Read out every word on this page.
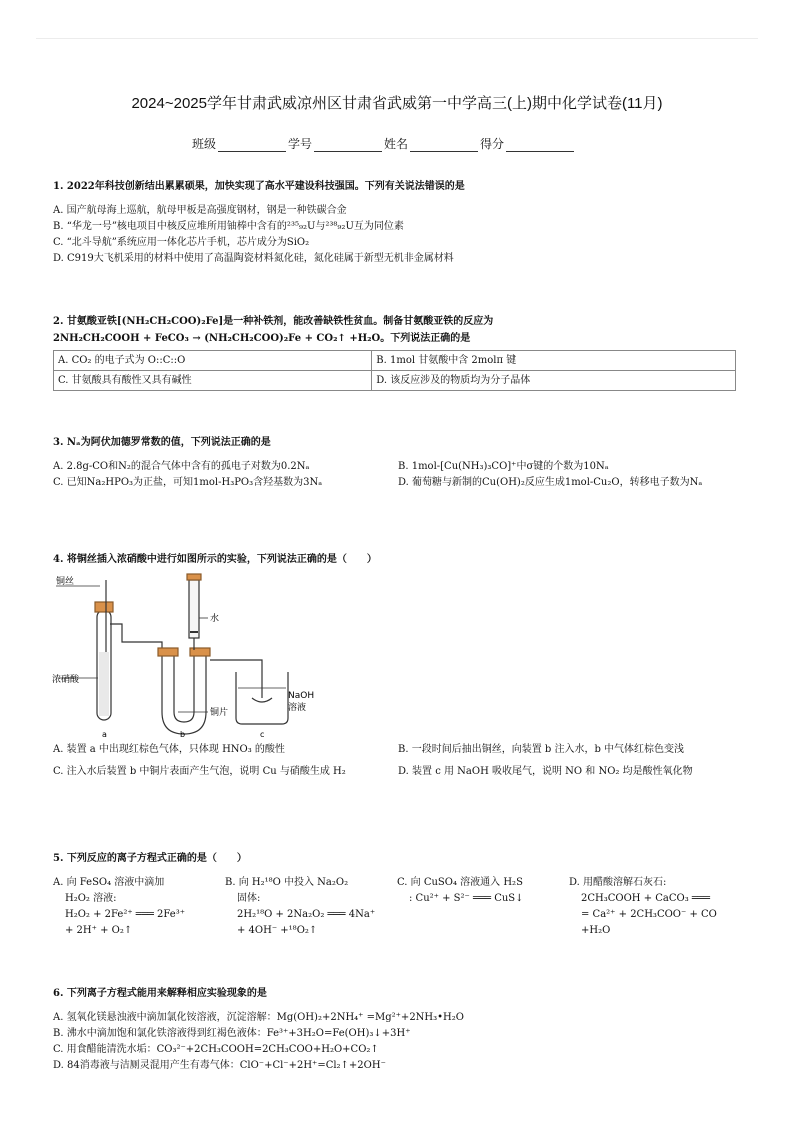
2024~2025学年甘肃武威凉州区甘肃省武威第一中学高三(上)期中化学试卷(11月)
班级	学号	姓名	得分
1. 2022年科技创新结出累累硕果，加快实现了高水平建设科技强国。下列有关说法错误的是
A. 国产航母海上巡航，航母甲板是高强度钢材，钢是一种铁碳合金
B. “华龙一号”核电项目中核反应堆所用铀棒中含有的²³⁵₉₂U与²³⁸₉₂U互为同位素
C. “北斗导航”系统应用一体化芯片手机，芯片成分为SiO₂
D. C919大飞机采用的材料中使用了高温陶瓷材料氮化硅，氮化硅属于新型无机非金属材料
2. 甘氨酸亚铁[(NH₂CH₂COO)₂Fe]是一种补铁剂，能改善缺铁性贫血。制备甘氨酸亚铁的反应为
2NH₂CH₂COOH + FeCO₃ → (NH₂CH₂COO)₂Fe + CO₂↑ +H₂O。下列说法正确的是
A. CO₂ 的电子式为 O::C::O	B. 1mol 甘氨酸中含 2molπ 键
C. 甘氨酸具有酸性又具有碱性	D. 该反应涉及的物质均为分子晶体
3. Nₐ为阿伏加德罗常数的值，下列说法正确的是
A. 2.8g-CO和N₂的混合气体中含有的孤电子对数为0.2Nₐ	B. 1mol-[Cu(NH₃)₃CO]⁺中σ键的个数为10Nₐ
C. 已知Na₂HPO₃为正盐，可知1mol-H₃PO₃含羟基数为3Nₐ	D. 葡萄糖与新制的Cu(OH)₂反应生成1mol-Cu₂O，转移电子数为Nₐ
4. 将铜丝插入浓硝酸中进行如图所示的实验，下列说法正确的是（　　）
铜丝
水
浓硝酸
铜片
NaOH
溶液
a	b	c
A. 装置 a 中出现红棕色气体，只体现 HNO₃ 的酸性	B. 一段时间后抽出铜丝，向装置 b 注入水，b 中气体红棕色变浅
C. 注入水后装置 b 中铜片表面产生气泡，说明 Cu 与硝酸生成 H₂	D. 装置 c 用 NaOH 吸收尾气，说明 NO 和 NO₂ 均是酸性氧化物
5. 下列反应的离子方程式正确的是（　　）
A. 向 FeSO₄ 溶液中滴加
H₂O₂ 溶液:
H₂O₂ + 2Fe²⁺ ═══ 2Fe³⁺
+ 2H⁺ + O₂↑
B. 向 H₂¹⁸O 中投入 Na₂O₂
固体:
2H₂¹⁸O + 2Na₂O₂ ═══ 4Na⁺
+ 4OH⁻ +¹⁸O₂↑
C. 向 CuSO₄ 溶液通入 H₂S
: Cu²⁺ + S²⁻ ═══ CuS↓
D. 用醋酸溶解石灰石:
2CH₃COOH + CaCO₃ ═══
= Ca²⁺ + 2CH₃COO⁻ + CO
+H₂O
6. 下列离子方程式能用来解释相应实验现象的是
A. 氢氧化镁悬浊液中滴加氯化铵溶液，沉淀溶解：Mg(OH)₂+2NH₄⁺ =Mg²⁺+2NH₃•H₂O
B. 沸水中滴加饱和氯化铁溶液得到红褐色液体：Fe³⁺+3H₂O=Fe(OH)₃↓+3H⁺
C. 用食醋能清洗水垢：CO₃²⁻+2CH₃COOH=2CH₃COO+H₂O+CO₂↑
D. 84消毒液与洁厕灵混用产生有毒气体：ClO⁻+Cl⁻+2H⁺=Cl₂↑+2OH⁻
